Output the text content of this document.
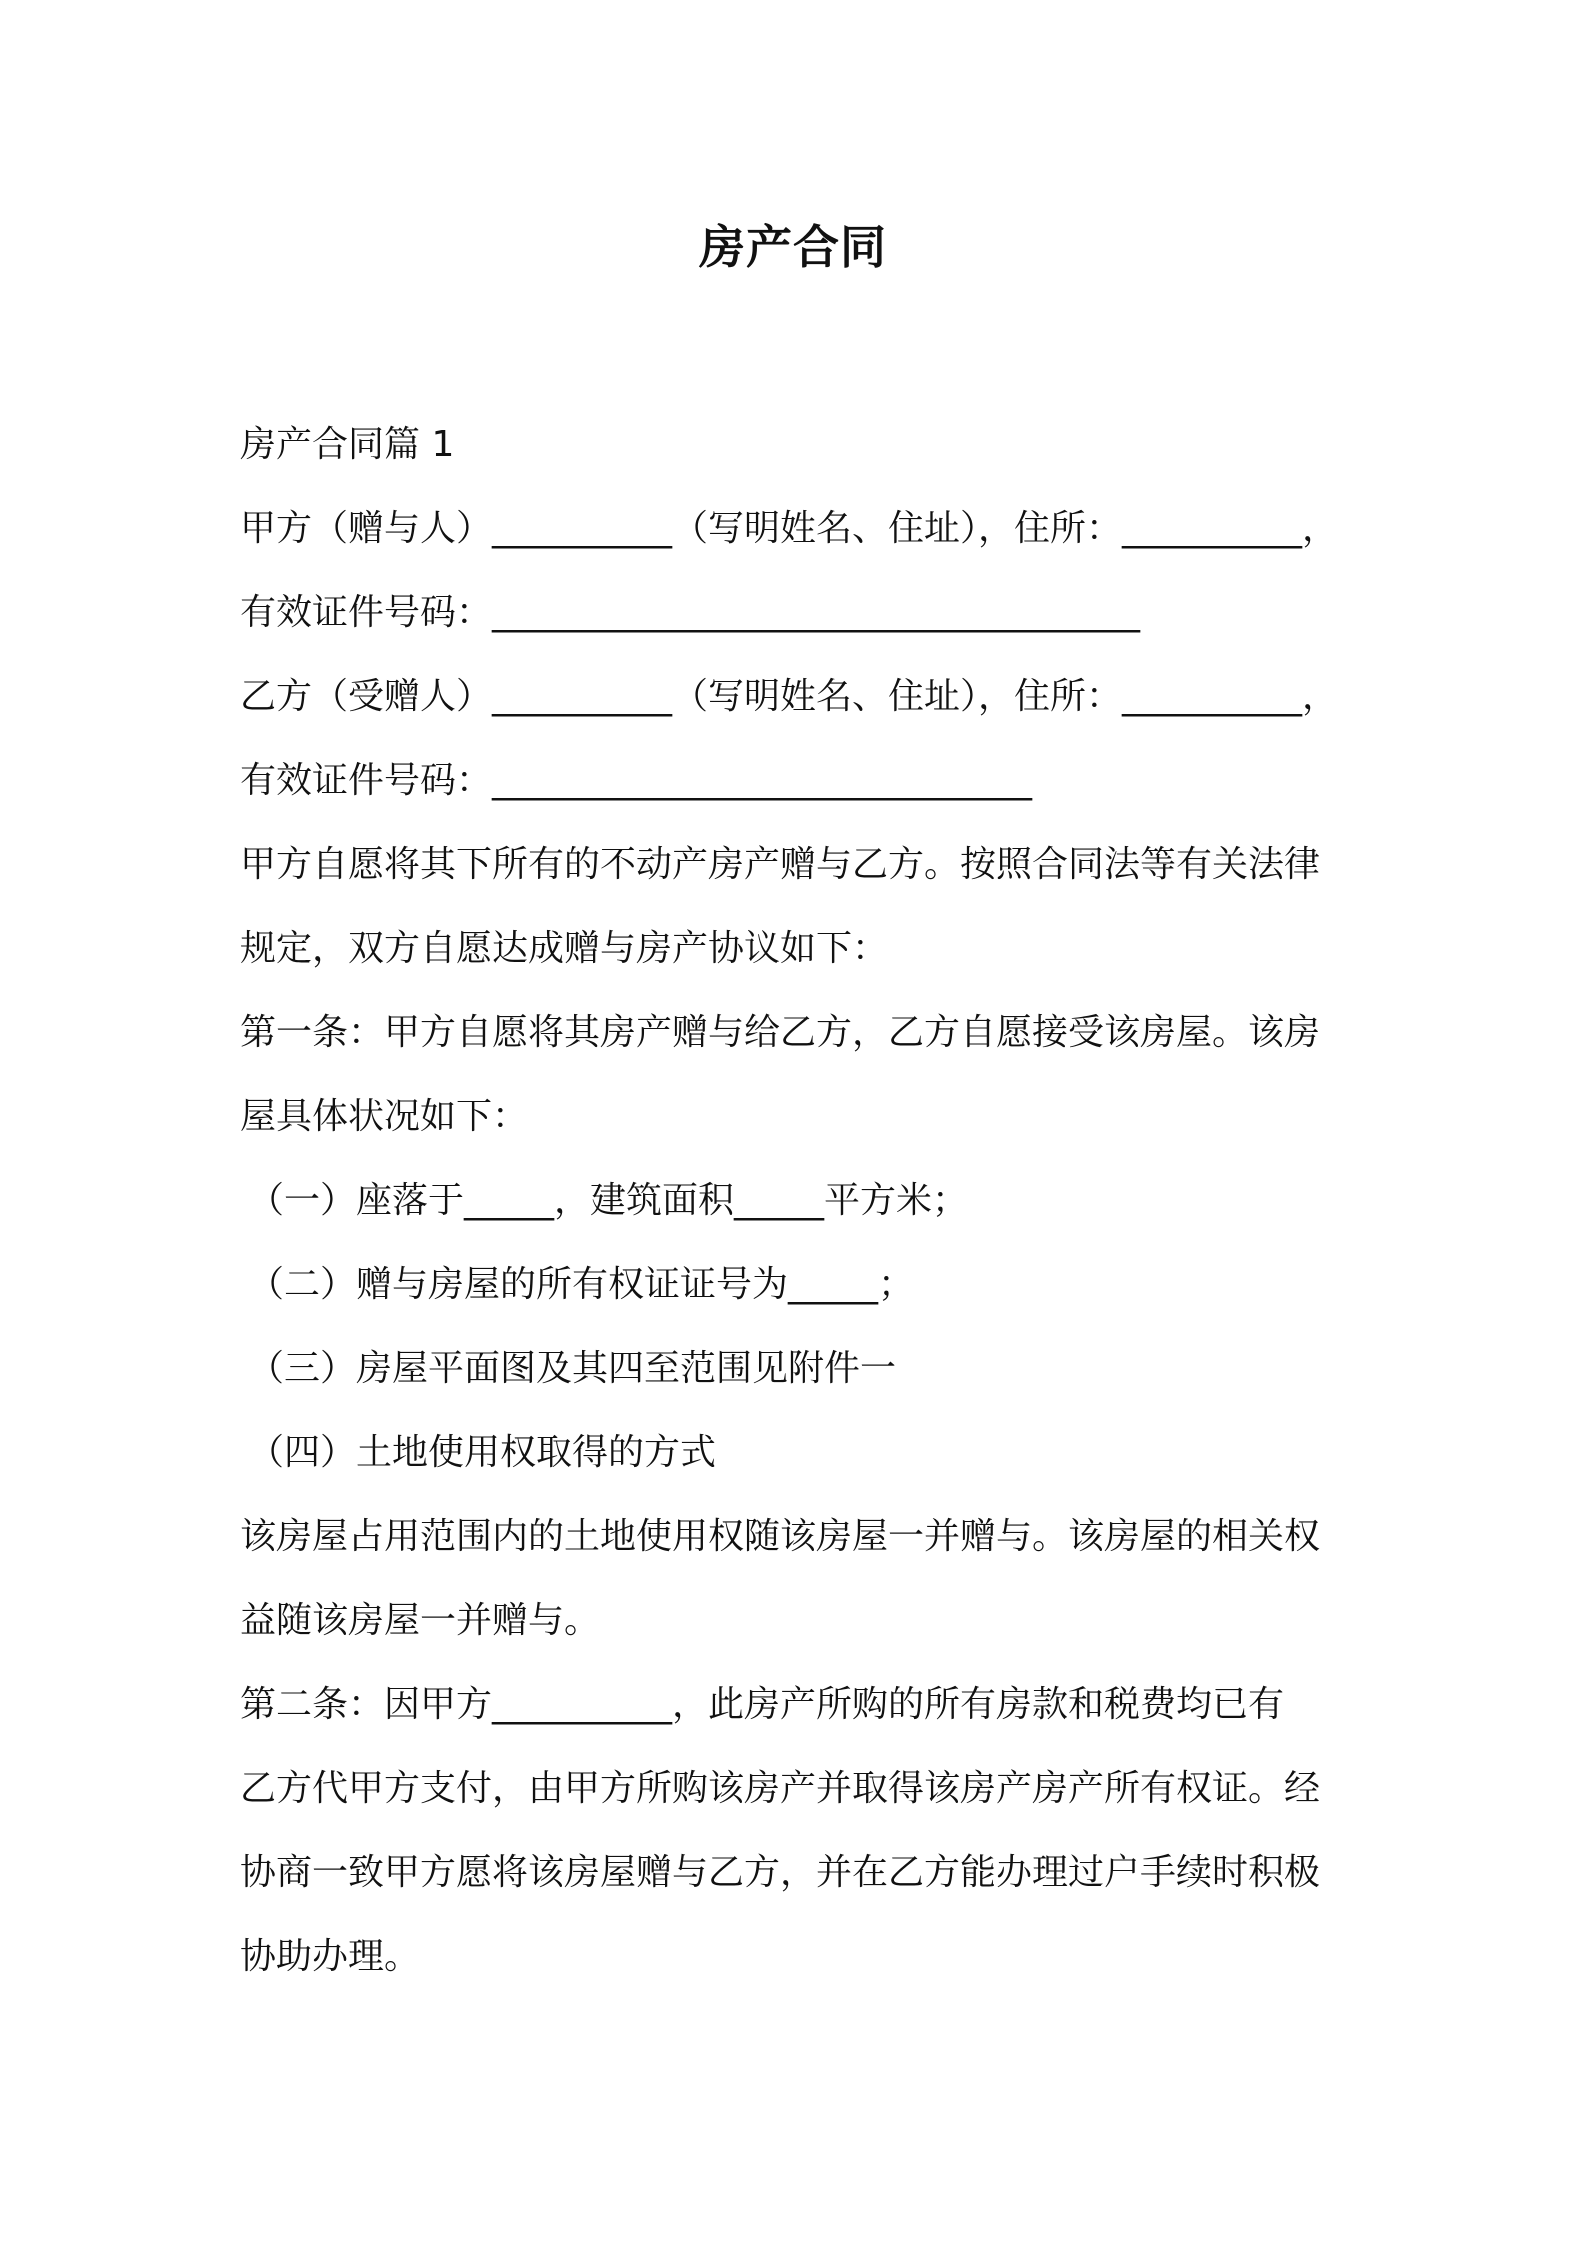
房产合同
房产合同篇 1
甲方（赠与人）__________（写明姓名、住址），住所：__________，
有效证件号码：____________________________________
乙方（受赠人）__________（写明姓名、住址），住所：__________，
有效证件号码：______________________________
甲方自愿将其下所有的不动产房产赠与乙方。按照合同法等有关法律
规定，双方自愿达成赠与房产协议如下：
第一条：甲方自愿将其房产赠与给乙方，乙方自愿接受该房屋。该房
屋具体状况如下：
（一）座落于_____，建筑面积_____平方米；
（二）赠与房屋的所有权证证号为_____；
（三）房屋平面图及其四至范围见附件一
（四）土地使用权取得的方式
该房屋占用范围内的土地使用权随该房屋一并赠与。该房屋的相关权
益随该房屋一并赠与。
第二条：因甲方__________，此房产所购的所有房款和税费均已有
乙方代甲方支付，由甲方所购该房产并取得该房产房产所有权证。经
协商一致甲方愿将该房屋赠与乙方，并在乙方能办理过户手续时积极
协助办理。
